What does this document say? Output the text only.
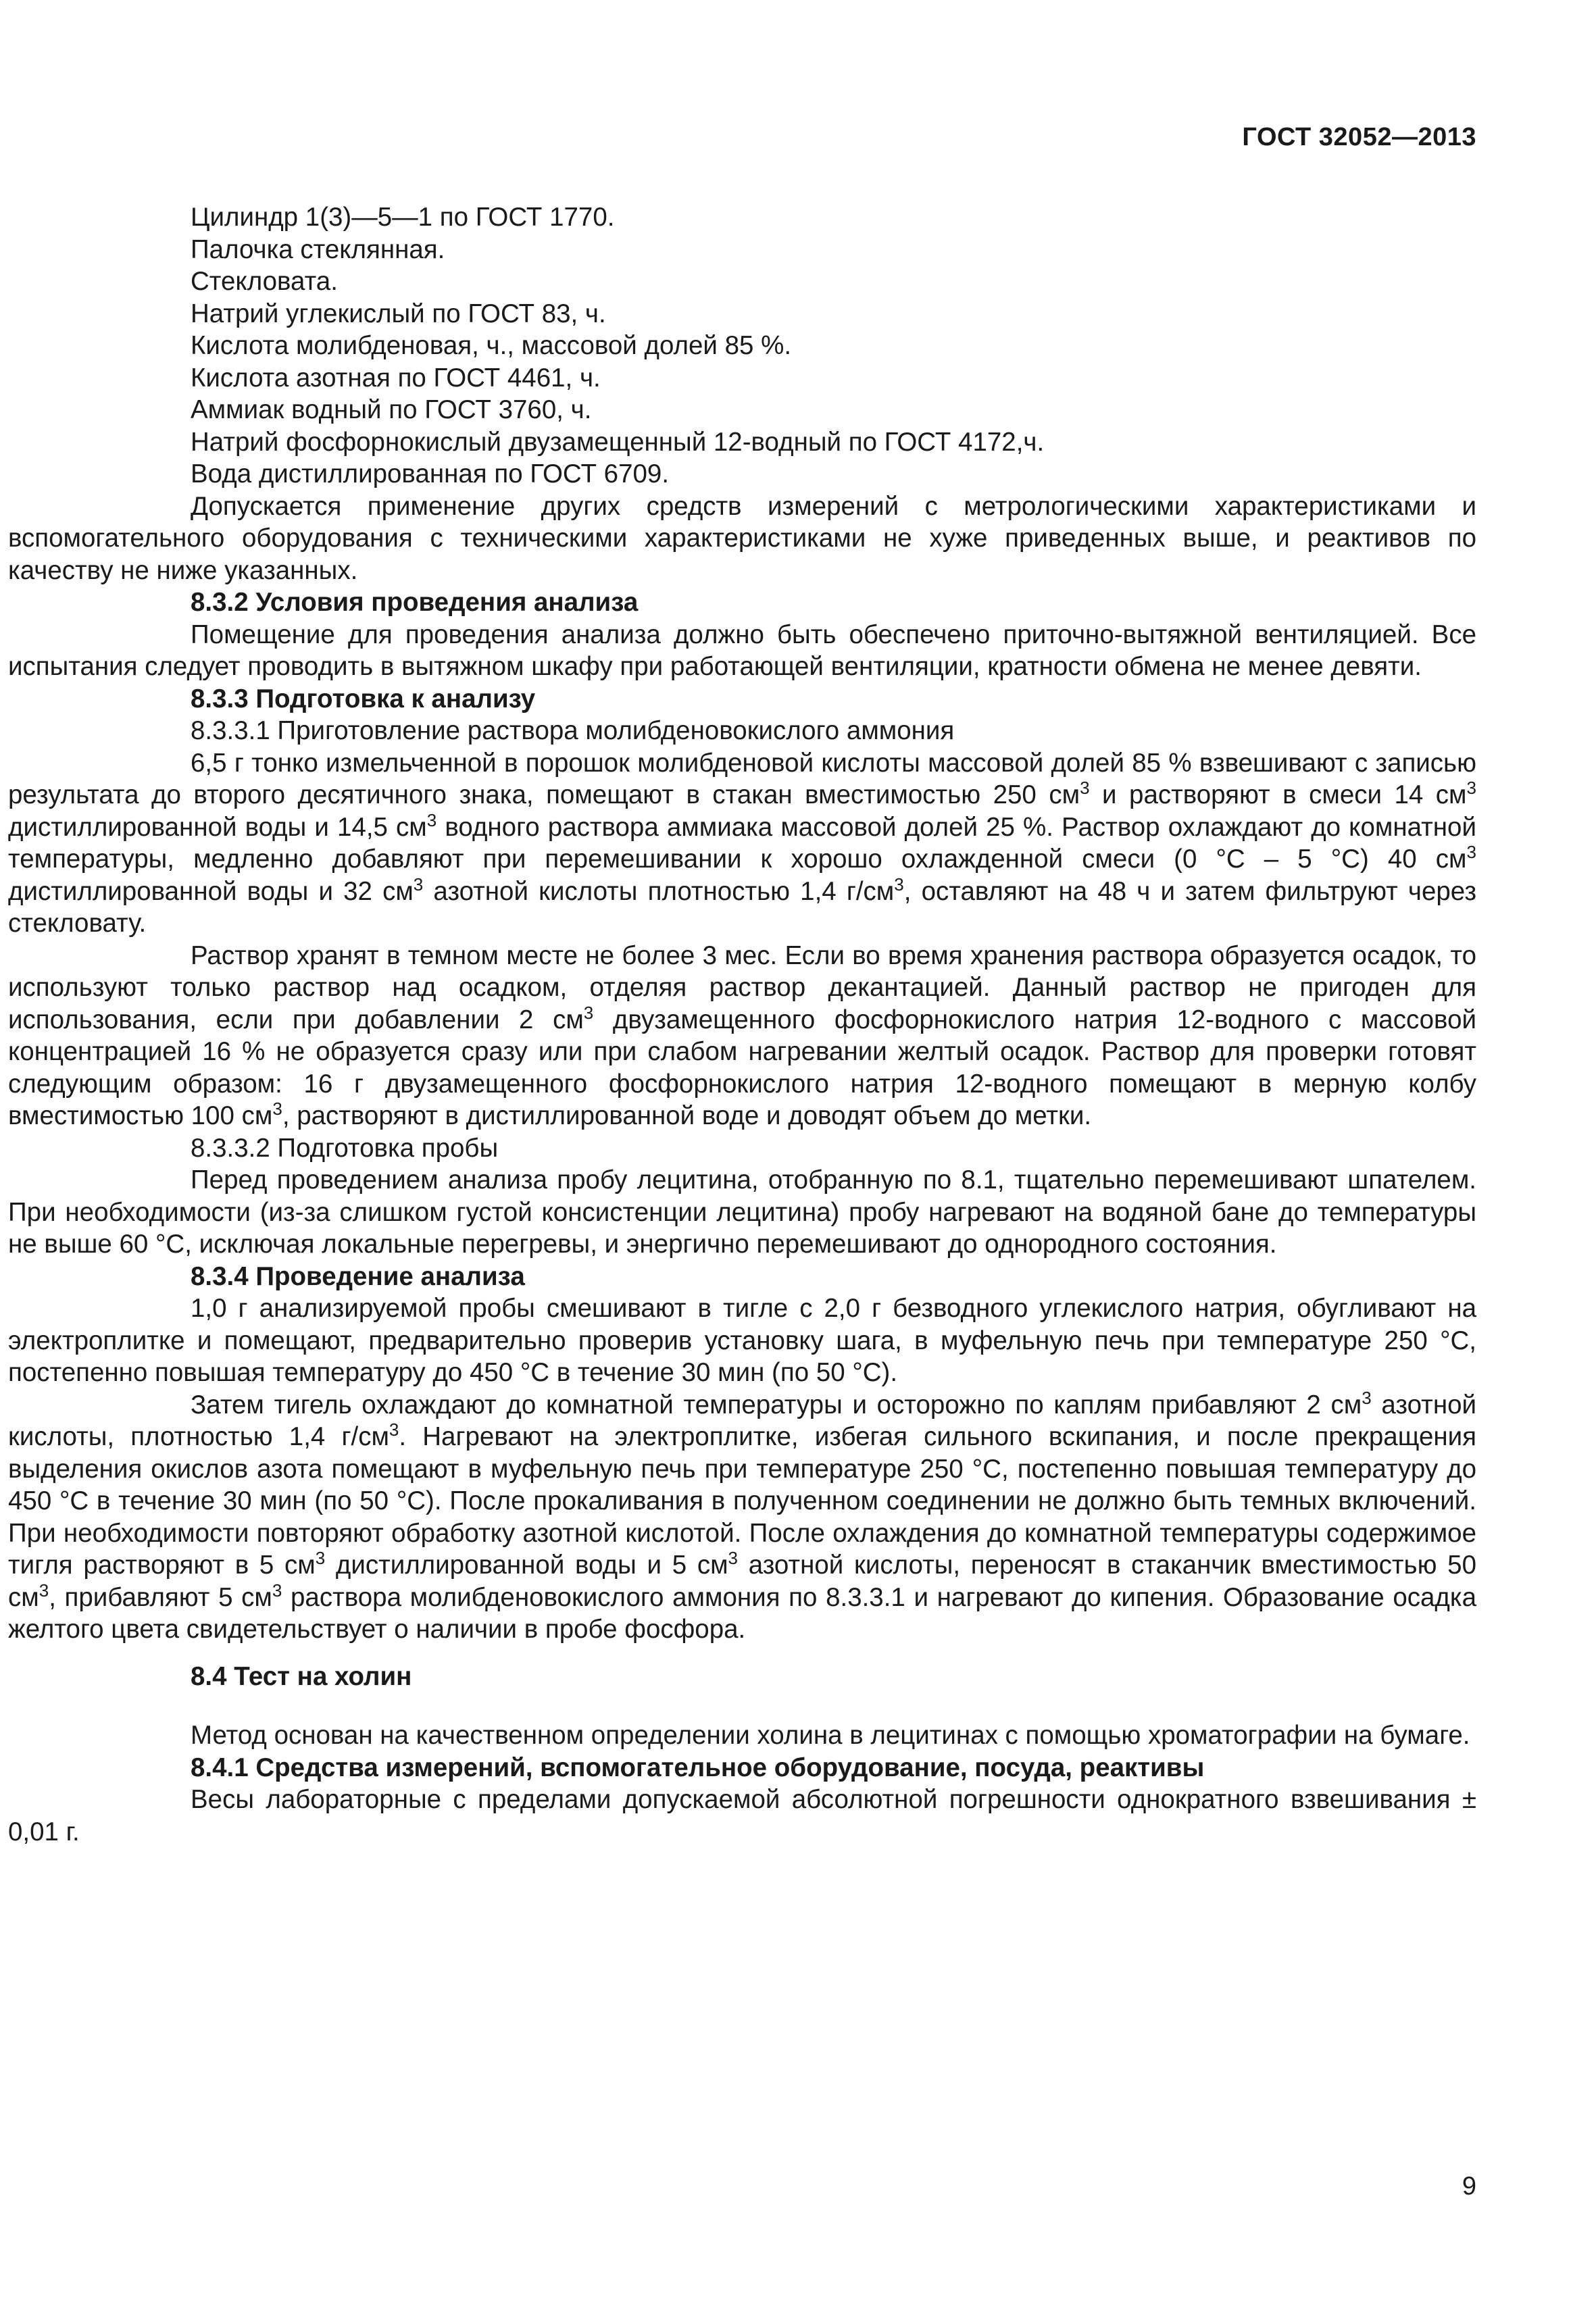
ГОСТ 32052—2013

Цилиндр 1(3)—5—1 по ГОСТ 1770.

Палочка стеклянная.

Стекловата.

Натрий углекислый по ГОСТ 83, ч.

Кислота молибденовая, ч., массовой долей 85 %.

Кислота азотная по ГОСТ 4461, ч.

Аммиак водный по ГОСТ 3760, ч.

Натрий фосфорнокислый двузамещенный 12-водный по ГОСТ 4172,ч.

Вода дистиллированная по ГОСТ 6709.

Допускается применение других средств измерений с метрологическими характеристиками и вспомогательного оборудования с техническими характеристиками не хуже приведенных выше, и реактивов по качеству не ниже указанных.

8.3.2 Условия проведения анализа

Помещение для проведения анализа должно быть обеспечено приточно-вытяжной вентиляцией. Все испытания следует проводить в вытяжном шкафу при работающей вентиляции, кратности обмена не менее девяти.

8.3.3 Подготовка к анализу

8.3.3.1 Приготовление раствора молибденовокислого аммония

6,5 г тонко измельченной в порошок молибденовой кислоты массовой долей 85 % взвешивают с записью результата до второго десятичного знака, помещают в стакан вместимостью 250 $см^3$ и растворяют в смеси 14 $см^3$ дистиллированной воды и 14,5 $см^3$ водного раствора аммиака массовой долей 25 %. Раствор охлаждают до комнатной температуры, медленно добавляют при перемешивании к хорошо охлажденной смеси (0 °С – 5 °С) 40 $см^3$ дистиллированной воды и 32 $см^3$ азотной кислоты плотностью 1,4 $г/см^3$, оставляют на 48 ч и затем фильтруют через стекловату.

Раствор хранят в темном месте не более 3 мес. Если во время хранения раствора образуется осадок, то используют только раствор над осадком, отделяя раствор декантацией. Данный раствор не пригоден для использования, если при добавлении 2 $см^3$ двузамещенного фосфорнокислого натрия 12-водного с массовой концентрацией 16 % не образуется сразу или при слабом нагревании желтый осадок. Раствор для проверки готовят следующим образом: 16 г двузамещенного фосфорнокислого натрия 12-водного помещают в мерную колбу вместимостью 100 $см^3$, растворяют в дистиллированной воде и доводят объем до метки.

8.3.3.2 Подготовка пробы

Перед проведением анализа пробу лецитина, отобранную по 8.1, тщательно перемешивают шпателем. При необходимости (из-за слишком густой консистенции лецитина) пробу нагревают на водяной бане до температуры не выше 60 °С, исключая локальные перегревы, и энергично перемешивают до однородного состояния.

8.3.4 Проведение анализа

1,0 г анализируемой пробы смешивают в тигле с 2,0 г безводного углекислого натрия, обугливают на электроплитке и помещают, предварительно проверив установку шага, в муфельную печь при температуре 250 °С, постепенно повышая температуру до 450 °С в течение 30 мин (по 50 °С).

Затем тигель охлаждают до комнатной температуры и осторожно по каплям прибавляют 2 $см^3$ азотной кислоты, плотностью 1,4 $г/см^3$. Нагревают на электроплитке, избегая сильного вскипания, и после прекращения выделения окислов азота помещают в муфельную печь при температуре 250 °С, постепенно повышая температуру до 450 °С в течение 30 мин (по 50 °С). После прокаливания в полученном соединении не должно быть темных включений. При необходимости повторяют обработку азотной кислотой. После охлаждения до комнатной температуры содержимое тигля растворяют в 5 $см^3$ дистиллированной воды и 5 $см^3$ азотной кислоты, переносят в стаканчик вместимостью 50 $см^3$, прибавляют 5 $см^3$ раствора молибденовокислого аммония по 8.3.3.1 и нагревают до кипения. Образование осадка желтого цвета свидетельствует о наличии в пробе фосфора.

8.4 Тест на холин

Метод основан на качественном определении холина в лецитинах с помощью хроматографии на бумаге.

8.4.1 Средства измерений, вспомогательное оборудование, посуда, реактивы

Весы лабораторные с пределами допускаемой абсолютной погрешности однократного взвешивания ± 0,01 г.

9
